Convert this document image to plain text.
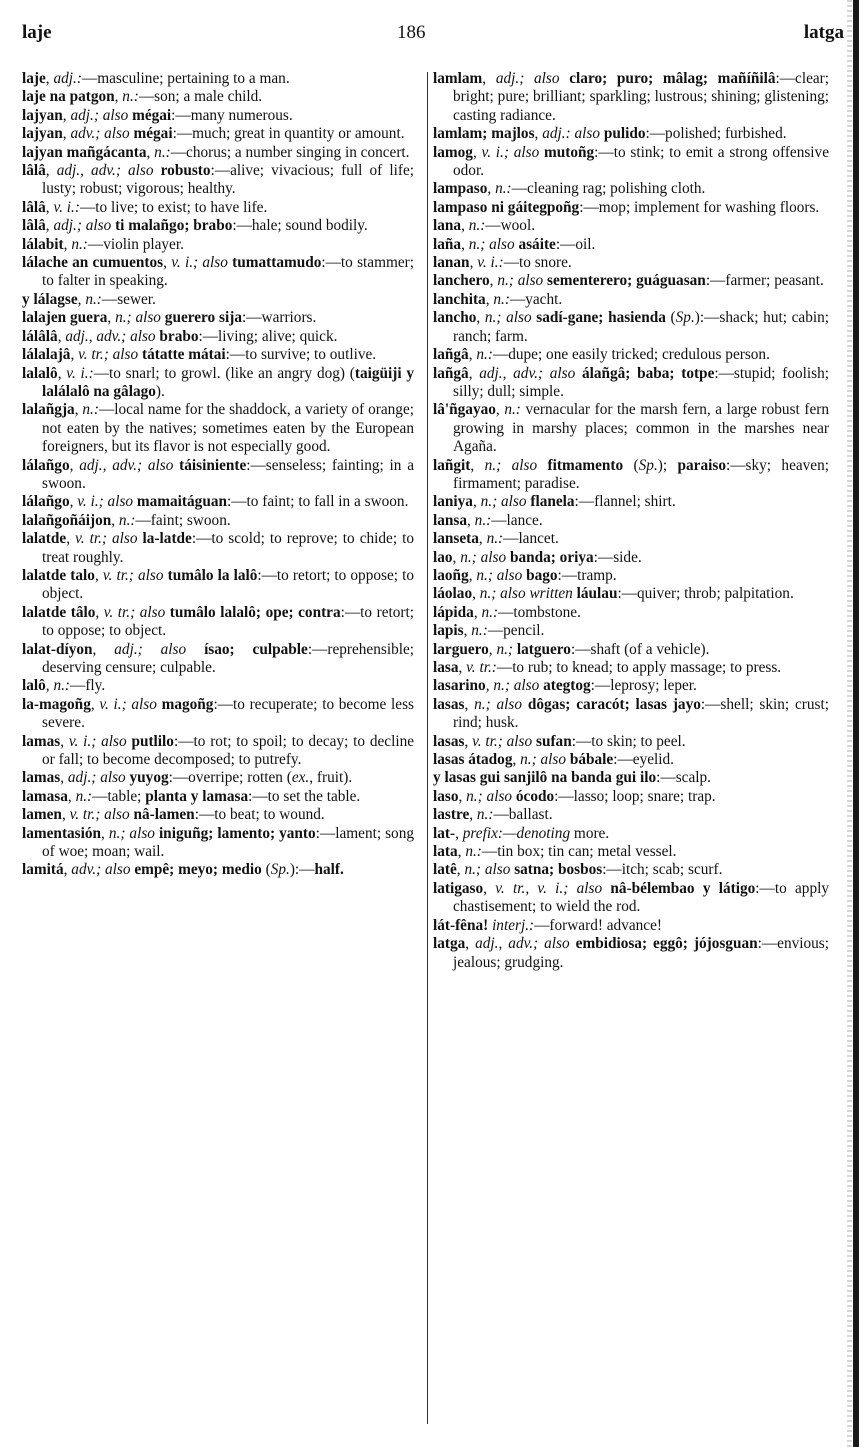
laje	186	latga

laje, adj.:—masculine; pertaining to a man.

laje na patgon, n.:—son; a male child.

lajyan, adj.; also mégai:—many numerous.

lajyan, adv.; also mégai:—much; great in quantity or amount.

lajyan mañgácanta, n.:—chorus; a number singing in concert.

lâlâ, adj., adv.; also robusto:—alive; vivacious; full of life; lusty; robust; vigorous; healthy.

lâlâ, v. i.:—to live; to exist; to have life.

lâlâ, adj.; also ti malañgo; brabo:—hale; sound bodily.

lálabit, n.:—violin player.

lálache an cumuentos, v. i.; also tumattamudo:—to stammer; to falter in speaking.

y lálagse, n.:—sewer.

lalajen guera, n.; also guerero sija:—warriors.

lálâlâ, adj., adv.; also brabo:—living; alive; quick.

lálalajâ, v. tr.; also tátatte mátai:—to survive; to outlive.

lalalô, v. i.:—to snarl; to growl. (like an angry dog) (taigüiji y lalálalô na gâlago).

lalañgja, n.:—local name for the shaddock, a variety of orange; not eaten by the natives; sometimes eaten by the European foreigners, but its flavor is not especially good.

lálañgo, adj., adv.; also táisiniente:—senseless; fainting; in a swoon.

lálañgo, v. i.; also mamaitáguan:—to faint; to fall in a swoon.

lalañgoñáijon, n.:—faint; swoon.

lalatde, v. tr.; also la-latde:—to scold; to reprove; to chide; to treat roughly.

lalatde talo, v. tr.; also tumâlo la lalô:—to retort; to oppose; to object.

lalatde tâlo, v. tr.; also tumâlo lalalô; ope; contra:—to retort; to oppose; to object.

lalat-díyon, adj.; also ísao; culpable:—reprehensible; deserving censure; culpable.

lalô, n.:—fly.

la-magoñg, v. i.; also magoñg:—to recuperate; to become less severe.

lamas, v. i.; also putlilo:—to rot; to spoil; to decay; to decline or fall; to become decomposed; to putrefy.

lamas, adj.; also yuyog:—overripe; rotten (ex., fruit).

lamasa, n.:—table; planta y lamasa:—to set the table.

lamen, v. tr.; also nâ-lamen:—to beat; to wound.

lamentasión, n.; also iniguñg; lamento; yanto:—lament; song of woe; moan; wail.

lamitá, adv.; also empê; meyo; medio (Sp.):—half.

lamlam, adj.; also claro; puro; mâlag; mañíñilâ:—clear; bright; pure; brilliant; sparkling; lustrous; shining; glistening; casting radiance.

lamlam; majlos, adj.: also pulido:—polished; furbished.

lamog, v. i.; also mutoñg:—to stink; to emit a strong offensive odor.

lampaso, n.:—cleaning rag; polishing cloth.

lampaso ni gáitegpoñg:—mop; implement for washing floors.

lana, n.:—wool.

laña, n.; also asáite:—oil.

lanan, v. i.:—to snore.

lanchero, n.; also sementerero; guáguasan:—farmer; peasant.

lanchita, n.:—yacht.

lancho, n.; also sadí-gane; hasienda (Sp.):—shack; hut; cabin; ranch; farm.

lañgâ, n.:—dupe; one easily tricked; credulous person.

lañgâ, adj., adv.; also álañgâ; baba; totpe:—stupid; foolish; silly; dull; simple.

lâ'ñgayao, n.: vernacular for the marsh fern, a large robust fern growing in marshy places; common in the marshes near Agaña.

lañgit, n.; also fitmamento (Sp.); paraiso:—sky; heaven; firmament; paradise.

laniya, n.; also flanela:—flannel; shirt.

lansa, n.:—lance.

lanseta, n.:—lancet.

lao, n.; also banda; oriya:—side.

laoñg, n.; also bago:—tramp.

láolao, n.; also written láulau:—quiver; throb; palpitation.

lápida, n.:—tombstone.

lapis, n.:—pencil.

larguero, n.; latguero:—shaft (of a vehicle).

lasa, v. tr.:—to rub; to knead; to apply massage; to press.

lasarino, n.; also ategtog:—leprosy; leper.

lasas, n.; also dôgas; caracót; lasas jayo:—shell; skin; crust; rind; husk.

lasas, v. tr.; also sufan:—to skin; to peel.

lasas átadog, n.; also bábale:—eyelid.

y lasas gui sanjilô na banda gui ilo:—scalp.

laso, n.; also ócodo:—lasso; loop; snare; trap.

lastre, n.:—ballast.

lat-, prefix:—denoting more.

lata, n.:—tin box; tin can; metal vessel.

latê, n.; also satna; bosbos:—itch; scab; scurf.

latigaso, v. tr., v. i.; also nâ-bélembao y látigo:—to apply chastisement; to wield the rod.

lát-fêna! interj.:—forward! advance!

latga, adj., adv.; also embidiosa; eggô; jójosguan:—envious; jealous; grudging.
